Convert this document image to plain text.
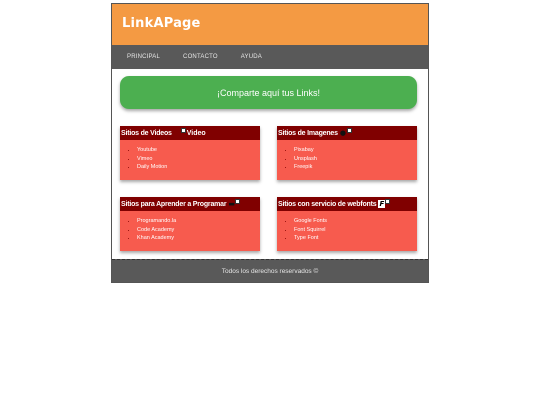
LinkAPage
PRINCIPAL	CONTACTO	AYUDA
¡Comparte aquí tus Links!
Sitios de Videos Video
• Youtube
• Vimeo
• Daily Motion
Sitios de Imagenes ●
• Pixabay
• Unsplash
• Freepik
Sitios para Aprender a Programar ▬
• Programando.la
• Code Academy
• Khan Academy
Sitios con servicio de webfonts F
• Google Fonts
• Font Squirrel
• Type Font
Todos los derechos reservados ©
